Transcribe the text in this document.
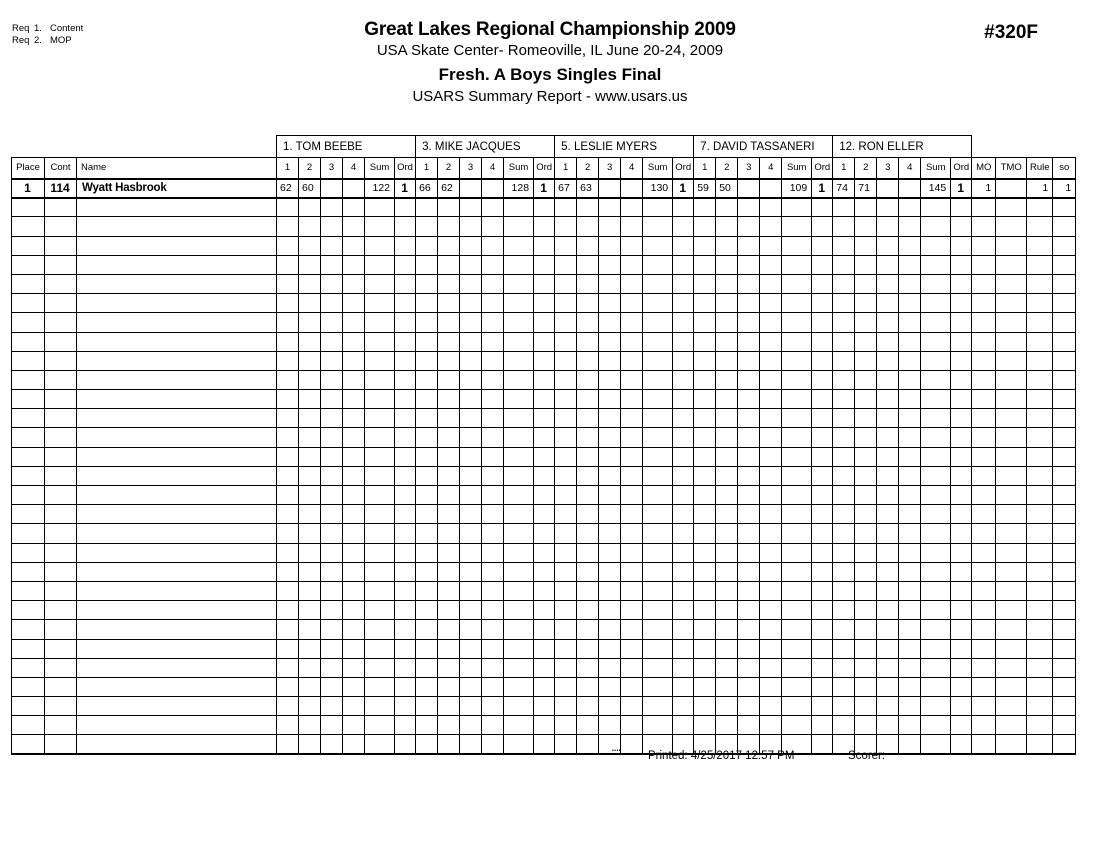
Req 1. Content
Req 2. MOP	Great Lakes Regional Championship 2009
USA Skate Center- Romeoville, IL June 20-24, 2009
Fresh. A Boys Singles Final
USARS Summary Report - www.usars.us
#320F
			1. TOM BEEBE						3. MIKE JACQUES						5. LESLIE MYERS						7. DAVID TASSANERI						12. RON ELLER									
Place	Cont	Name	1	2	3	4	Sum	Ord	1	2	3	4	Sum	Ord	1	2	3	4	Sum	Ord	1	2	3	4	Sum	Ord	1	2	3	4	Sum	Ord	MO	TMO	Rule	so
1	114	Wyatt Hasbrook	62	60			122	1	66	62			128	1	67	63			130	1	59	50			109	1	74	71			145	1	1		1	1

•••• Printed: 4/25/2017 12:57 PM	Scorer:
